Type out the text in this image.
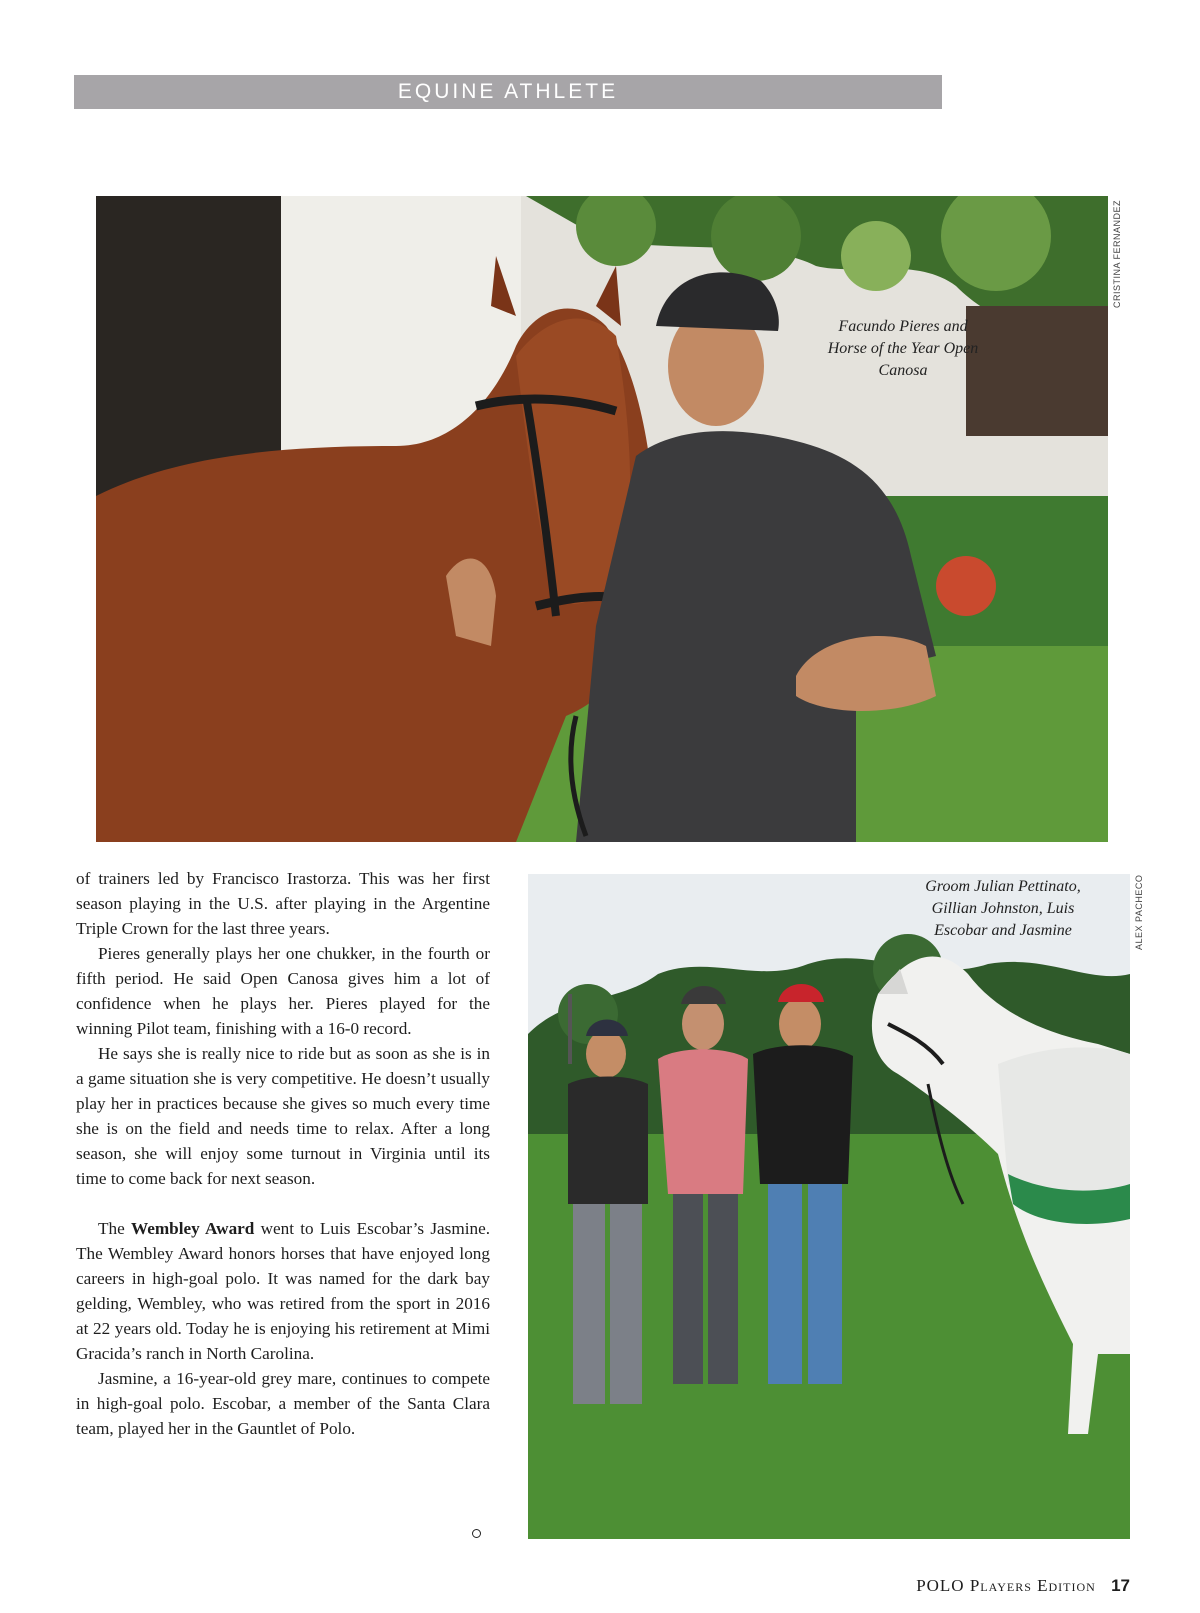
EQUINE ATHLETE
Facundo Pieres and Horse of the Year Open Canosa
CRISTINA FERNANDEZ

of trainers led by Francisco Irastorza. This was her first season playing in the U.S. after playing in the Argentine Triple Crown for the last three years.

Pieres generally plays her one chukker, in the fourth or fifth period. He said Open Canosa gives him a lot of confidence when he plays her. Pieres played for the winning Pilot team, finishing with a 16-0 record.

He says she is really nice to ride but as soon as she is in a game situation she is very competitive. He doesn’t usually play her in practices because she gives so much every time she is on the field and needs time to relax. After a long season, she will enjoy some turnout in Virginia until its time to come back for next season.

The Wembley Award went to Luis Escobar’s Jasmine. The Wembley Award honors horses that have enjoyed long careers in high-goal polo. It was named for the dark bay gelding, Wembley, who was retired from the sport in 2016 at 22 years old. Today he is enjoying his retirement at Mimi Gracida’s ranch in North Carolina.

Jasmine, a 16-year-old grey mare, continues to compete in high-goal polo. Escobar, a member of the Santa Clara team, played her in the Gauntlet of Polo.

Groom Julian Pettinato, Gillian Johnston, Luis Escobar and Jasmine	ALEX PACHECO
POLO Players Edition 17
